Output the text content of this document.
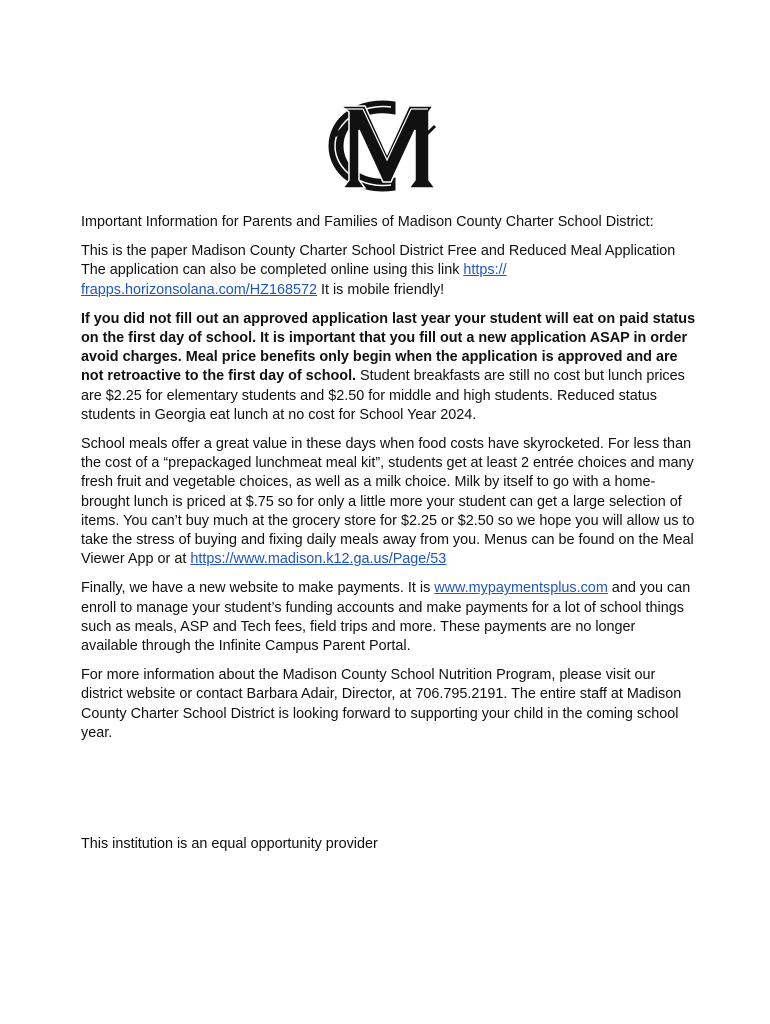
Important Information for Parents and Families of Madison County Charter School District:

This is the paper Madison County Charter School District Free and Reduced Meal Application The application can also be completed online using this link https://
frapps.horizonsolana.com/HZ168572 It is mobile friendly!

If you did not fill out an approved application last year your student will eat on paid status on the first day of school. It is important that you fill out a new application ASAP in order avoid charges. Meal price benefits only begin when the application is approved and are not retroactive to the first day of school. Student breakfasts are still no cost but lunch prices are $2.25 for elementary students and $2.50 for middle and high students. Reduced status students in Georgia eat lunch at no cost for School Year 2024.

School meals offer a great value in these days when food costs have skyrocketed. For less than the cost of a “prepackaged lunchmeat meal kit”, students get at least 2 entrée choices and many fresh fruit and vegetable choices, as well as a milk choice. Milk by itself to go with a home-brought lunch is priced at $.75 so for only a little more your student can get a large selection of items. You can’t buy much at the grocery store for $2.25 or $2.50 so we hope you will allow us to take the stress of buying and fixing daily meals away from you. Menus can be found on the Meal Viewer App or at https://www.madison.k12.ga.us/Page/53

Finally, we have a new website to make payments. It is www.mypaymentsplus.com and you can enroll to manage your student’s funding accounts and make payments for a lot of school things such as meals, ASP and Tech fees, field trips and more. These payments are no longer available through the Infinite Campus Parent Portal.

For more information about the Madison County School Nutrition Program, please visit our district website or contact Barbara Adair, Director, at 706.795.2191. The entire staff at Madison County Charter School District is looking forward to supporting your child in the coming school year.

This institution is an equal opportunity provider
